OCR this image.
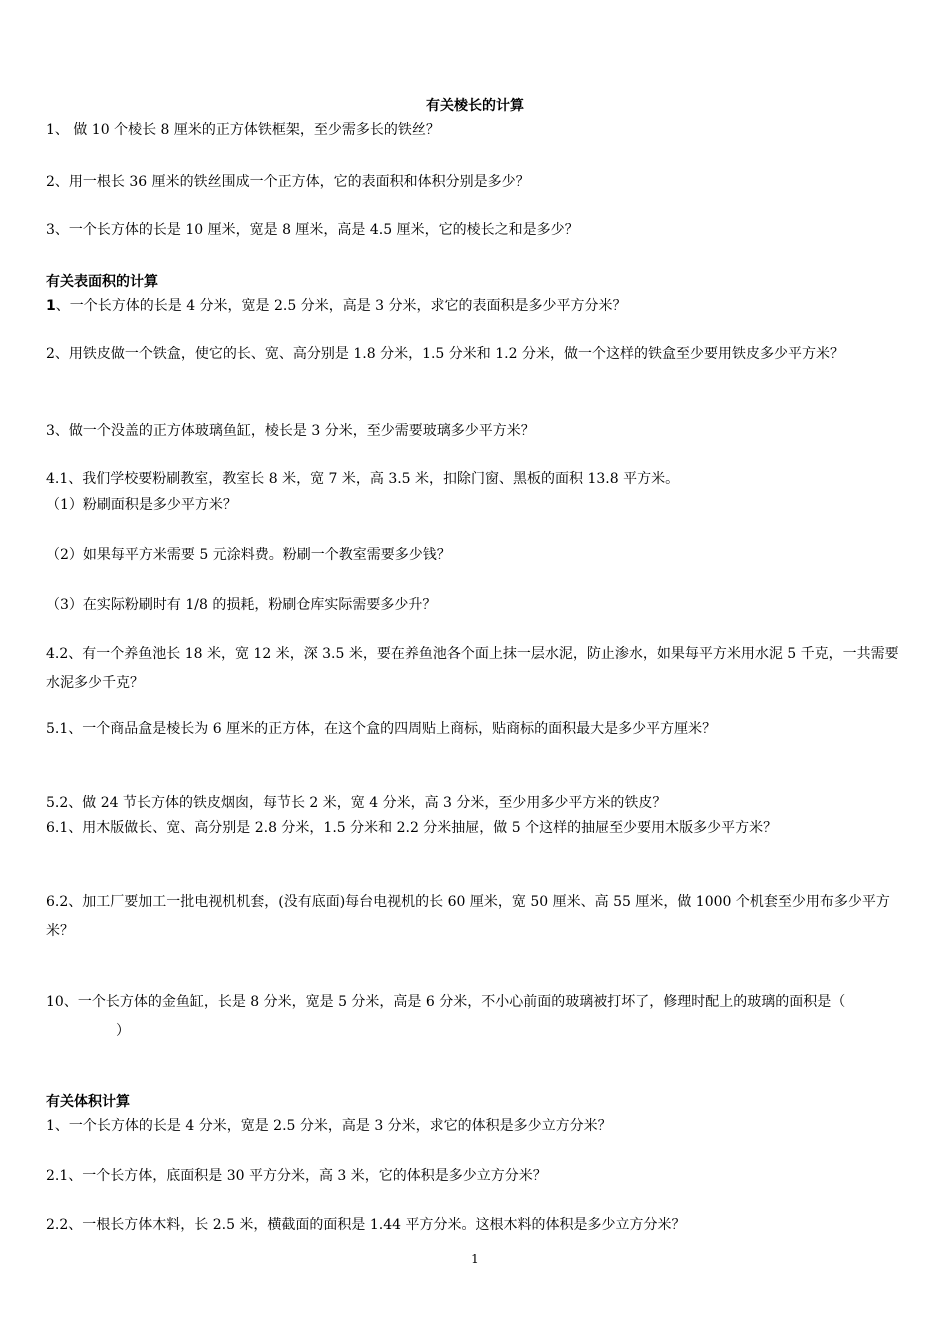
有关棱长的计算
1、 做 10 个棱长 8 厘米的正方体铁框架，至少需多长的铁丝？
2、用一根长 36 厘米的铁丝围成一个正方体，它的表面积和体积分别是多少？
3、一个长方体的长是 10 厘米，宽是 8 厘米，高是 4.5 厘米，它的棱长之和是多少？
有关表面积的计算
1、一个长方体的长是 4 分米，宽是 2.5 分米，高是 3 分米，求它的表面积是多少平方分米？
2、用铁皮做一个铁盒，使它的长、宽、高分别是 1.8 分米，1.5 分米和 1.2 分米，做一个这样的铁盒至少要用铁皮多少平方米？
3、做一个没盖的正方体玻璃鱼缸，棱长是 3 分米，至少需要玻璃多少平方米？
4.1、我们学校要粉刷教室，教室长 8 米，宽 7 米，高 3.5 米，扣除门窗、黑板的面积 13.8 平方米。
（1）粉刷面积是多少平方米？
（2）如果每平方米需要 5 元涂料费。粉刷一个教室需要多少钱？
（3）在实际粉刷时有 1/8 的损耗，粉刷仓库实际需要多少升？
4.2、有一个养鱼池长 18 米，宽 12 米，深 3.5 米，要在养鱼池各个面上抹一层水泥，防止渗水，如果每平方米用水泥 5 千克，一共需要水泥多少千克？
5.1、一个商品盒是棱长为 6 厘米的正方体，在这个盒的四周贴上商标，贴商标的面积最大是多少平方厘米？
5.2、做 24 节长方体的铁皮烟囱，每节长 2 米，宽 4 分米，高 3 分米，至少用多少平方米的铁皮？
6.1、用木版做长、宽、高分别是 2.8 分米，1.5 分米和 2.2 分米抽屉，做 5 个这样的抽屉至少要用木版多少平方米？
6.2、加工厂要加工一批电视机机套，(没有底面)每台电视机的长 60 厘米，宽 50 厘米、高 55 厘米，做 1000 个机套至少用布多少平方米？
10、一个长方体的金鱼缸，长是 8 分米，宽是 5 分米，高是 6 分米，不小心前面的玻璃被打坏了，修理时配上的玻璃的面积是（）
有关体积计算
1、一个长方体的长是 4 分米，宽是 2.5 分米，高是 3 分米，求它的体积是多少立方分米？
2.1、一个长方体，底面积是 30 平方分米，高 3 米，它的体积是多少立方分米？
2.2、一根长方体木料，长 2.5 米，横截面的面积是 1.44 平方分米。这根木料的体积是多少立方分米？
1
